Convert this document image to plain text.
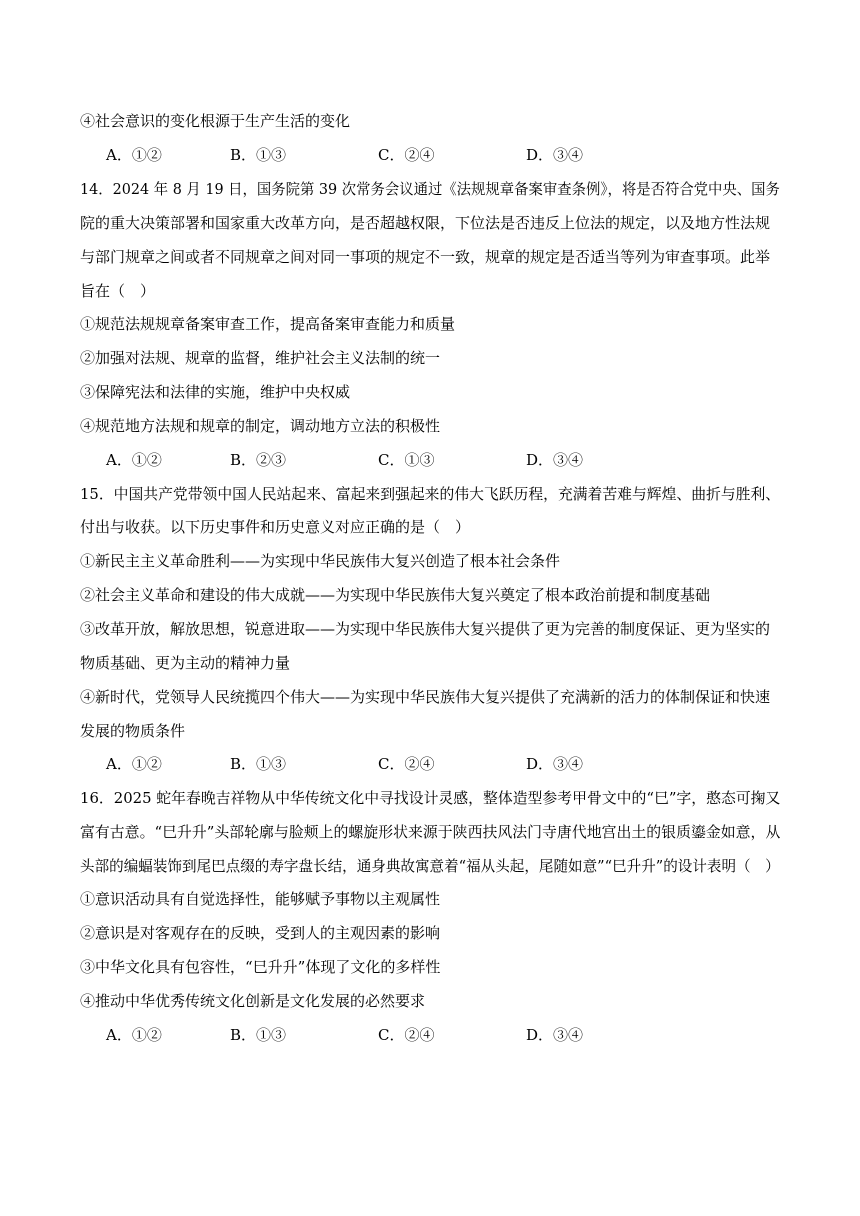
④社会意识的变化根源于生产生活的变化
A．①②	B．①③	C．②④	D．③④
14．2024 年 8 月 19 日，国务院第 39 次常务会议通过《法规规章备案审查条例》，将是否符合党中央、国务
院的重大决策部署和国家重大改革方向，是否超越权限，下位法是否违反上位法的规定，以及地方性法规
与部门规章之间或者不同规章之间对同一事项的规定不一致，规章的规定是否适当等列为审查事项。此举
旨在（　）
①规范法规规章备案审查工作，提高备案审查能力和质量
②加强对法规、规章的监督，维护社会主义法制的统一
③保障宪法和法律的实施，维护中央权威
④规范地方法规和规章的制定，调动地方立法的积极性
A．①②	B．②③	C．①③	D．③④
15．中国共产党带领中国人民站起来、富起来到强起来的伟大飞跃历程，充满着苦难与辉煌、曲折与胜利、
付出与收获。以下历史事件和历史意义对应正确的是（　）
①新民主主义革命胜利——为实现中华民族伟大复兴创造了根本社会条件
②社会主义革命和建设的伟大成就——为实现中华民族伟大复兴奠定了根本政治前提和制度基础
③改革开放，解放思想，锐意进取——为实现中华民族伟大复兴提供了更为完善的制度保证、更为坚实的
物质基础、更为主动的精神力量
④新时代，党领导人民统揽四个伟大——为实现中华民族伟大复兴提供了充满新的活力的体制保证和快速
发展的物质条件
A．①②	B．①③	C．②④	D．③④
16．2025 蛇年春晚吉祥物从中华传统文化中寻找设计灵感，整体造型参考甲骨文中的“巳”字，憨态可掬又
富有古意。“巳升升”头部轮廓与脸颊上的螺旋形状来源于陕西扶风法门寺唐代地宫出土的银质鎏金如意，从
头部的编蝠装饰到尾巴点缀的寿字盘长结，通身典故寓意着“福从头起，尾随如意”“巳升升”的设计表明（　）
①意识活动具有自觉选择性，能够赋予事物以主观属性
②意识是对客观存在的反映，受到人的主观因素的影响
③中华文化具有包容性，“巳升升”体现了文化的多样性
④推动中华优秀传统文化创新是文化发展的必然要求
A．①②	B．①③	C．②④	D．③④
